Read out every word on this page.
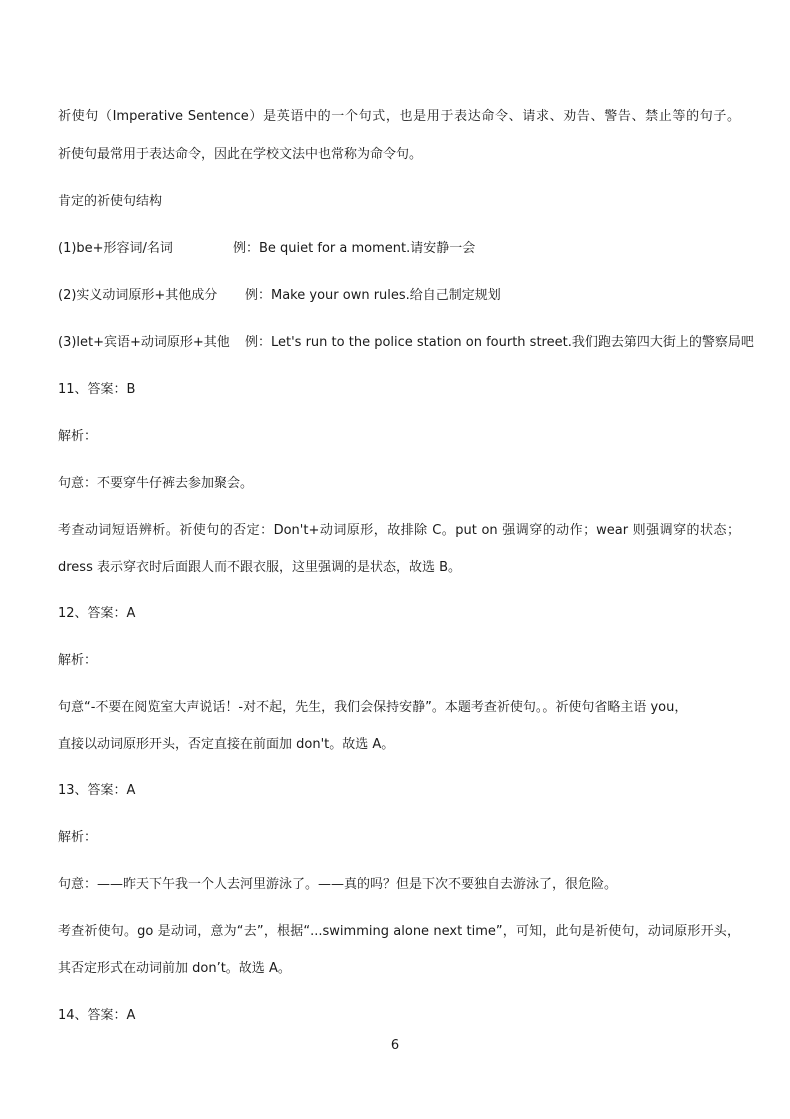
祈使句（Imperative Sentence）是英语中的一个句式，也是用于表达命令、请求、劝告、警告、禁止等的句子。
祈使句最常用于表达命令，因此在学校文法中也常称为命令句。
肯定的祈使句结构
(1)be+形容词/名词	例：Be quiet for a moment.请安静一会
(2)实义动词原形+其他成分 例：Make your own rules.给自己制定规划
(3)let+宾语+动词原形+其他 例：Let's run to the police station on fourth street.我们跑去第四大街上的警察局吧
11、答案：B
解析：
句意：不要穿牛仔裤去参加聚会。
考查动词短语辨析。祈使句的否定：Don't+动词原形，故排除 C。put on 强调穿的动作；wear 则强调穿的状态；
dress 表示穿衣时后面跟人而不跟衣服，这里强调的是状态，故选 B。
12、答案：A
解析：
句意“-不要在阅览室大声说话！-对不起，先生，我们会保持安静”。本题考查祈使句。。祈使句省略主语 you，
直接以动词原形开头，否定直接在前面加 don't。故选 A。
13、答案：A
解析：
句意：——昨天下午我一个人去河里游泳了。——真的吗？但是下次不要独自去游泳了，很危险。
考查祈使句。go 是动词，意为“去”，根据“...swimming alone next time”，可知，此句是祈使句，动词原形开头，
其否定形式在动词前加 don’t。故选 A。
14、答案：A
6
